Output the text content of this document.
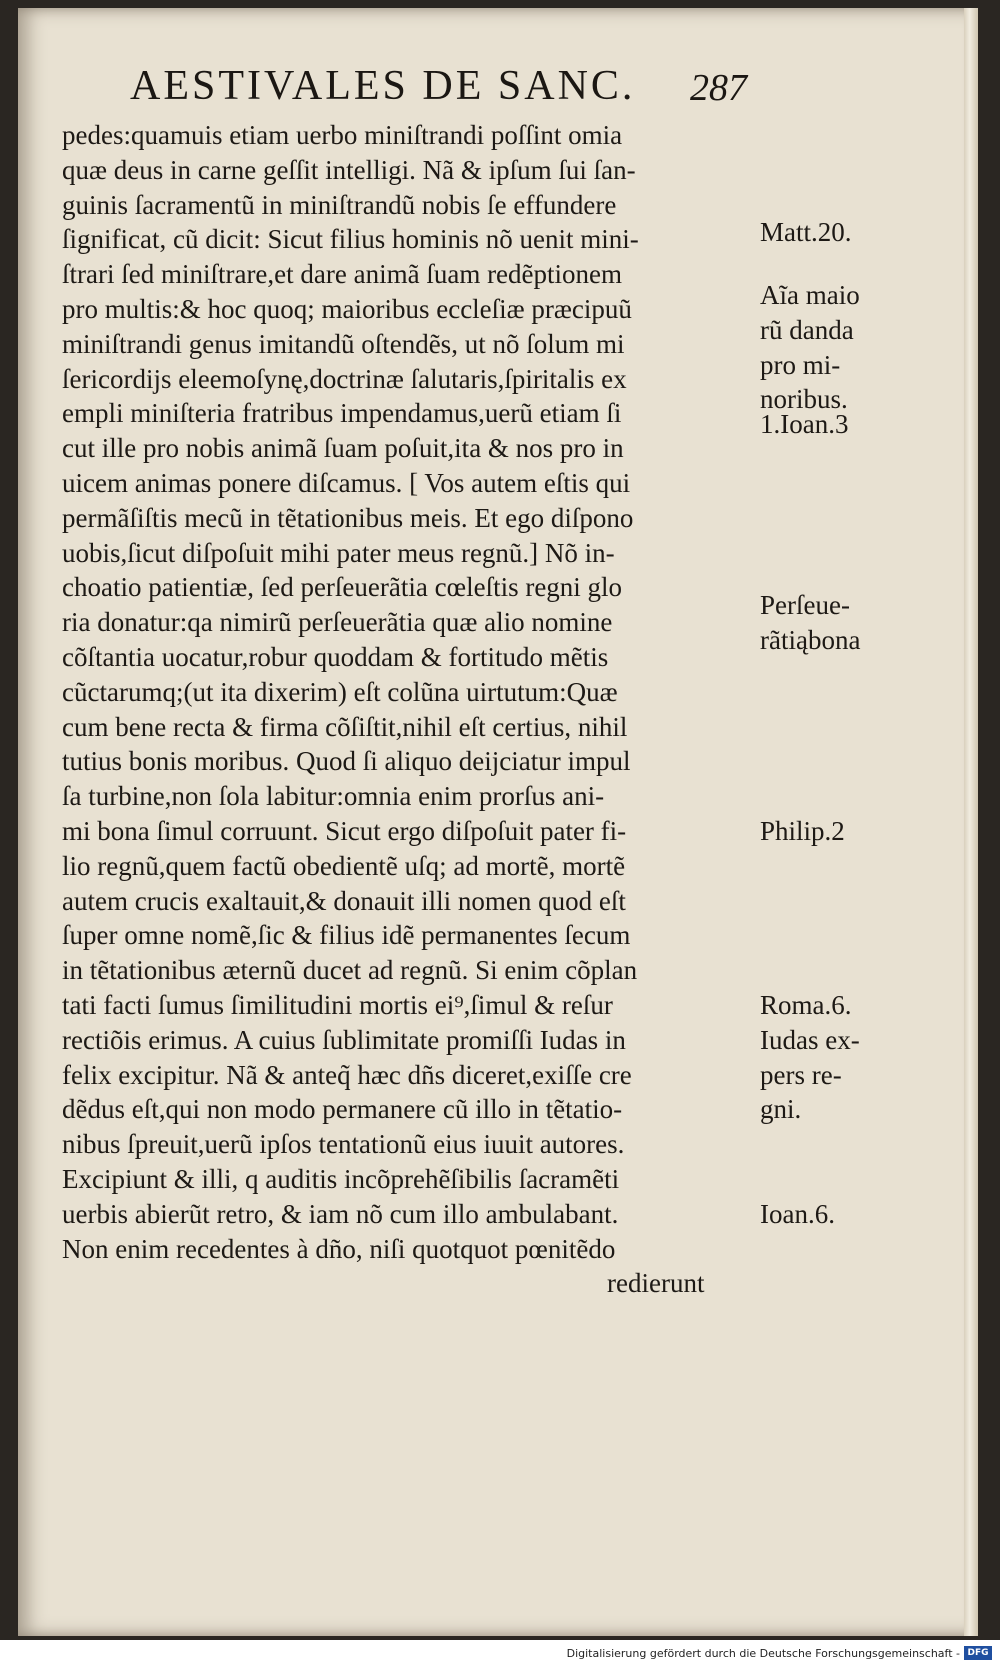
AESTIVALES DE SANC. 287
pedes:quamuis etiam uerbo miniſtrandi poſſint omia
quæ deus in carne geſſit intelligi. Nã & ipſum ſui ſan-
guinis ſacramentũ in miniſtrandũ nobis ſe effundere
ſignificat, cũ dicit: Sicut filius hominis nõ uenit mini-
ſtrari ſed miniſtrare,et dare animã ſuam redẽptionem
pro multis:& hoc quoq; maioribus eccleſiæ præcipuũ
miniſtrandi genus imitandũ oſtendẽs, ut nõ ſolum mi
ſericordijs eleemoſynę,doctrinæ ſalutaris,ſpiritalis ex
empli miniſteria fratribus impendamus,uerũ etiam ſi
cut ille pro nobis animã ſuam poſuit,ita & nos pro in
uicem animas ponere diſcamus. [ Vos autem eſtis qui
permãſiſtis mecũ in tẽtationibus meis. Et ego diſpono
uobis,ſicut diſpoſuit mihi pater meus regnũ.] Nõ in-
choatio patientiæ, ſed perſeuerãtia cœleſtis regni glo
ria donatur:qa nimirũ perſeuerãtia quæ alio nomine
cõſtantia uocatur,robur quoddam & fortitudo mẽtis
cũctarumq;(ut ita dixerim) eſt colũna uirtutum:Quæ
cum bene recta & firma cõſiſtit,nihil eſt certius, nihil
tutius bonis moribus. Quod ſi aliquo deijciatur impul
ſa turbine,non ſola labitur:omnia enim prorſus ani-
mi bona ſimul corruunt. Sicut ergo diſpoſuit pater fi-
lio regnũ,quem factũ obedientẽ uſq; ad mortẽ, mortẽ
autem crucis exaltauit,& donauit illi nomen quod eſt
ſuper omne nomẽ,ſic & filius idẽ permanentes ſecum
in tẽtationibus æternũ ducet ad regnũ. Si enim cõplan
tati facti ſumus ſimilitudini mortis ei⁹,ſimul & reſur
rectiõis erimus. A cuius ſublimitate promiſſi Iudas in
felix excipitur. Nã & anteq̃ hæc dñs diceret,exiſſe cre
dẽdus eſt,qui non modo permanere cũ illo in tẽtatio-
nibus ſpreuit,uerũ ipſos tentationũ eius iuuit autores.
Excipiunt & illi, q auditis incõprehẽſibilis ſacramẽti
uerbis abierũt retro, & iam nõ cum illo ambulabant.
Non enim recedentes à dño, niſi quotquot pœnitẽdo
redierunt
Matt.20.
Aĩa maio
rũ danda
pro mi-
noribus.
1.Ioan.3
Perſeue-
rãtiąbona
Philip.2
Roma.6.
Iudas ex-
pers re-
gni.
Ioan.6.
Digitalisierung gefördert durch die Deutsche Forschungsgemeinschaft - DFG
